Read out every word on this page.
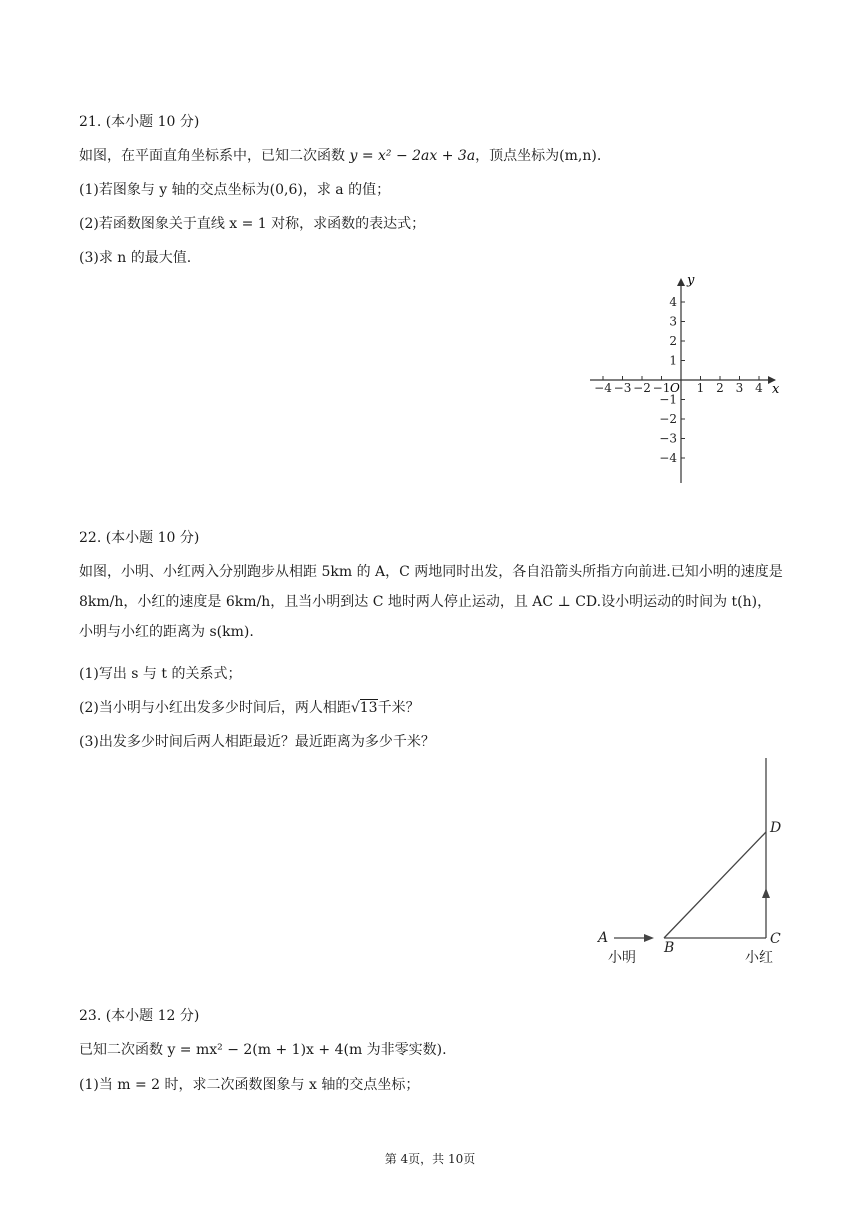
21. (本小题 10 分)
如图，在平面直角坐标系中，已知二次函数 y = x² − 2ax + 3a，顶点坐标为(m,n).
(1)若图象与 y 轴的交点坐标为(0,6)，求 a 的值；
(2)若函数图象关于直线 x = 1 对称，求函数的表达式；
(3)求 n 的最大值.
−4 −3 −2 −1 1 2 3 4
4
3
2
1
−1
−2
−3
−4
x
y
O
22. (本小题 10 分)
如图，小明、小红两入分别跑步从相距 5km 的 A，C 两地同时出发，各自沿箭头所指方向前进.已知小明的速度是 8km/h，小红的速度是 6km/h，且当小明到达 C 地时两人停止运动，且 AC ⊥ CD.设小明运动的时间为 t(h)，小明与小红的距离为 s(km).
(1)写出 s 与 t 的关系式；
(2)当小明与小红出发多少时间后，两人相距√13千米？
(3)出发多少时间后两人相距最近？最近距离为多少千米？
A
B
C
D
小明	小红
23. (本小题 12 分)
已知二次函数 y = mx² − 2(m + 1)x + 4(m 为非零实数).
(1)当 m = 2 时，求二次函数图象与 x 轴的交点坐标；
第 4页，共 10页
